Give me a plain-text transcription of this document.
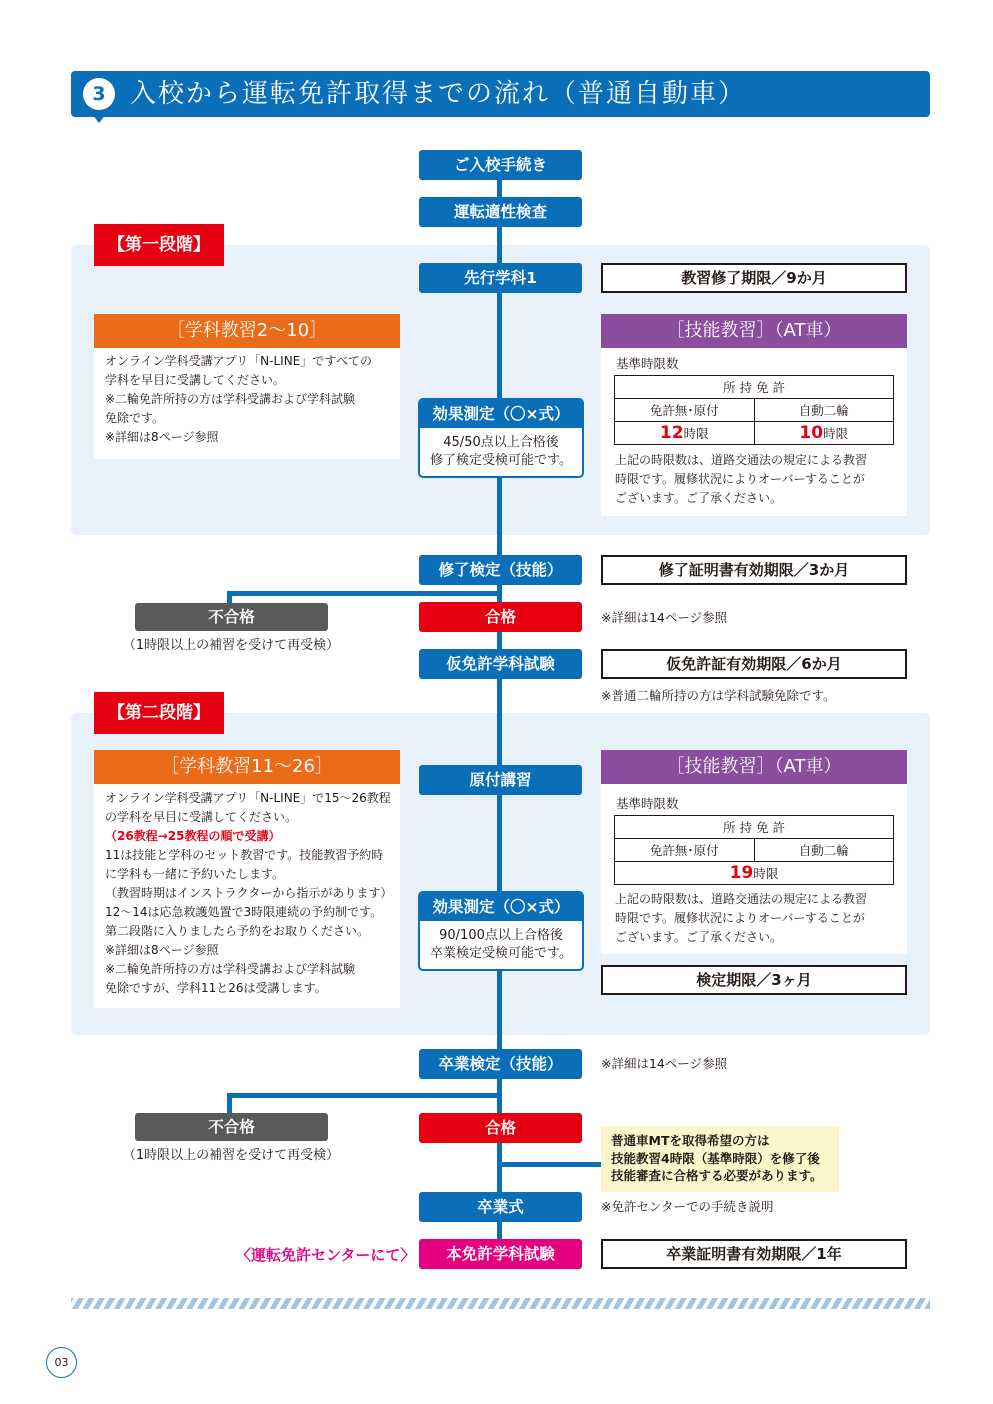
3 入校から運転免許取得までの流れ（普通自動車）
【第一段階】
【第二段階】
ご入校手続き
運転適性検査
先行学科1
効果測定（〇×式）
45/50点以上合格後
修了検定受検可能です。
修了検定（技能）
合格
不合格
（1時限以上の補習を受けて再受検）
仮免許学科試験
原付講習
効果測定（〇×式）
90/100点以上合格後
卒業検定受検可能です。
卒業検定（技能）
合格
不合格
（1時限以上の補習を受けて再受検）
卒業式
本免許学科試験
〈運転免許センターにて〉
［学科教習2～10］
オンライン学科受講アプリ「N-LINE」ですべての
学科を早目に受講してください。
※二輪免許所持の方は学科受講および学科試験
免除です。
※詳細は8ページ参照
教習修了期限／9か月
［技能教習］（AT車）
基準時限数
所 持 免 許	
免許無･原付	自動二輪
12時限	10時限
上記の時限数は、道路交通法の規定による教習
時限です。履修状況によりオーバーすることが
ございます。ご了承ください。
修了証明書有効期限／3か月
※詳細は14ページ参照
仮免許証有効期限／6か月
※普通二輪所持の方は学科試験免除です。
［学科教習11～26］
オンライン学科受講アプリ「N-LINE」で15～26教程
の学科を早目に受講してください。
（26教程→25教程の順で受講）
11は技能と学科のセット教習です。技能教習予約時
に学科も一緒に予約いたします。
（教習時期はインストラクターから指示があります）
12～14は応急救護処置で3時限連続の予約制です。
第二段階に入りましたら予約をお取りください。
※詳細は8ページ参照
※二輪免許所持の方は学科受講および学科試験
免除ですが、学科11と26は受講します。
［技能教習］（AT車）
基準時限数
所 持 免 許
免許無･原付	自動二輪
19時限
上記の時限数は、道路交通法の規定による教習
時限です。履修状況によりオーバーすることが
ございます。ご了承ください。
検定期限／3ヶ月
※詳細は14ページ参照
普通車MTを取得希望の方は
技能教習4時限（基準時限）を修了後
技能審査に合格する必要があります。
※免許センターでの手続き説明
卒業証明書有効期限／1年
03
